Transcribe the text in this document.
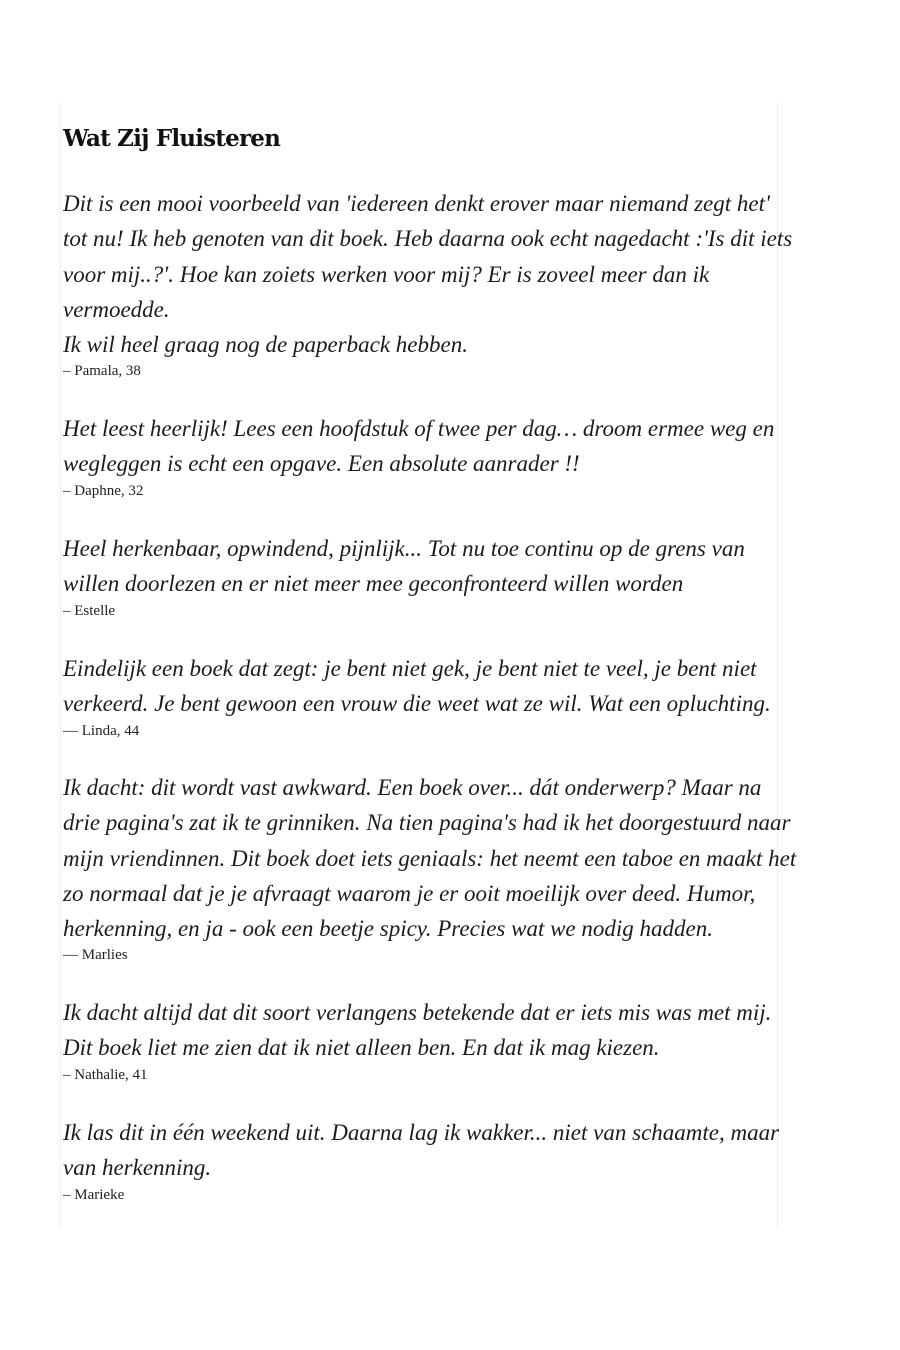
Wat Zij Fluisteren

Dit is een mooi voorbeeld van 'iedereen denkt erover maar niemand zegt het'
tot nu! Ik heb genoten van dit boek. Heb daarna ook echt nagedacht :'Is dit iets
voor mij..?'. Hoe kan zoiets werken voor mij? Er is zoveel meer dan ik
vermoedde.
Ik wil heel graag nog de paperback hebben.

– Pamala, 38

Het leest heerlijk! Lees een hoofdstuk of twee per dag… droom ermee weg en
wegleggen is echt een opgave. Een absolute aanrader !!

– Daphne, 32

Heel herkenbaar, opwindend, pijnlijk... Tot nu toe continu op de grens van
willen doorlezen en er niet meer mee geconfronteerd willen worden

– Estelle

Eindelijk een boek dat zegt: je bent niet gek, je bent niet te veel, je bent niet
verkeerd. Je bent gewoon een vrouw die weet wat ze wil. Wat een opluchting.

— Linda, 44

Ik dacht: dit wordt vast awkward. Een boek over... dát onderwerp? Maar na
drie pagina's zat ik te grinniken. Na tien pagina's had ik het doorgestuurd naar
mijn vriendinnen. Dit boek doet iets geniaals: het neemt een taboe en maakt het
zo normaal dat je je afvraagt waarom je er ooit moeilijk over deed. Humor,
herkenning, en ja - ook een beetje spicy. Precies wat we nodig hadden.

— Marlies

Ik dacht altijd dat dit soort verlangens betekende dat er iets mis was met mij.
Dit boek liet me zien dat ik niet alleen ben. En dat ik mag kiezen.

– Nathalie, 41

Ik las dit in één weekend uit. Daarna lag ik wakker... niet van schaamte, maar
van herkenning.

– Marieke
